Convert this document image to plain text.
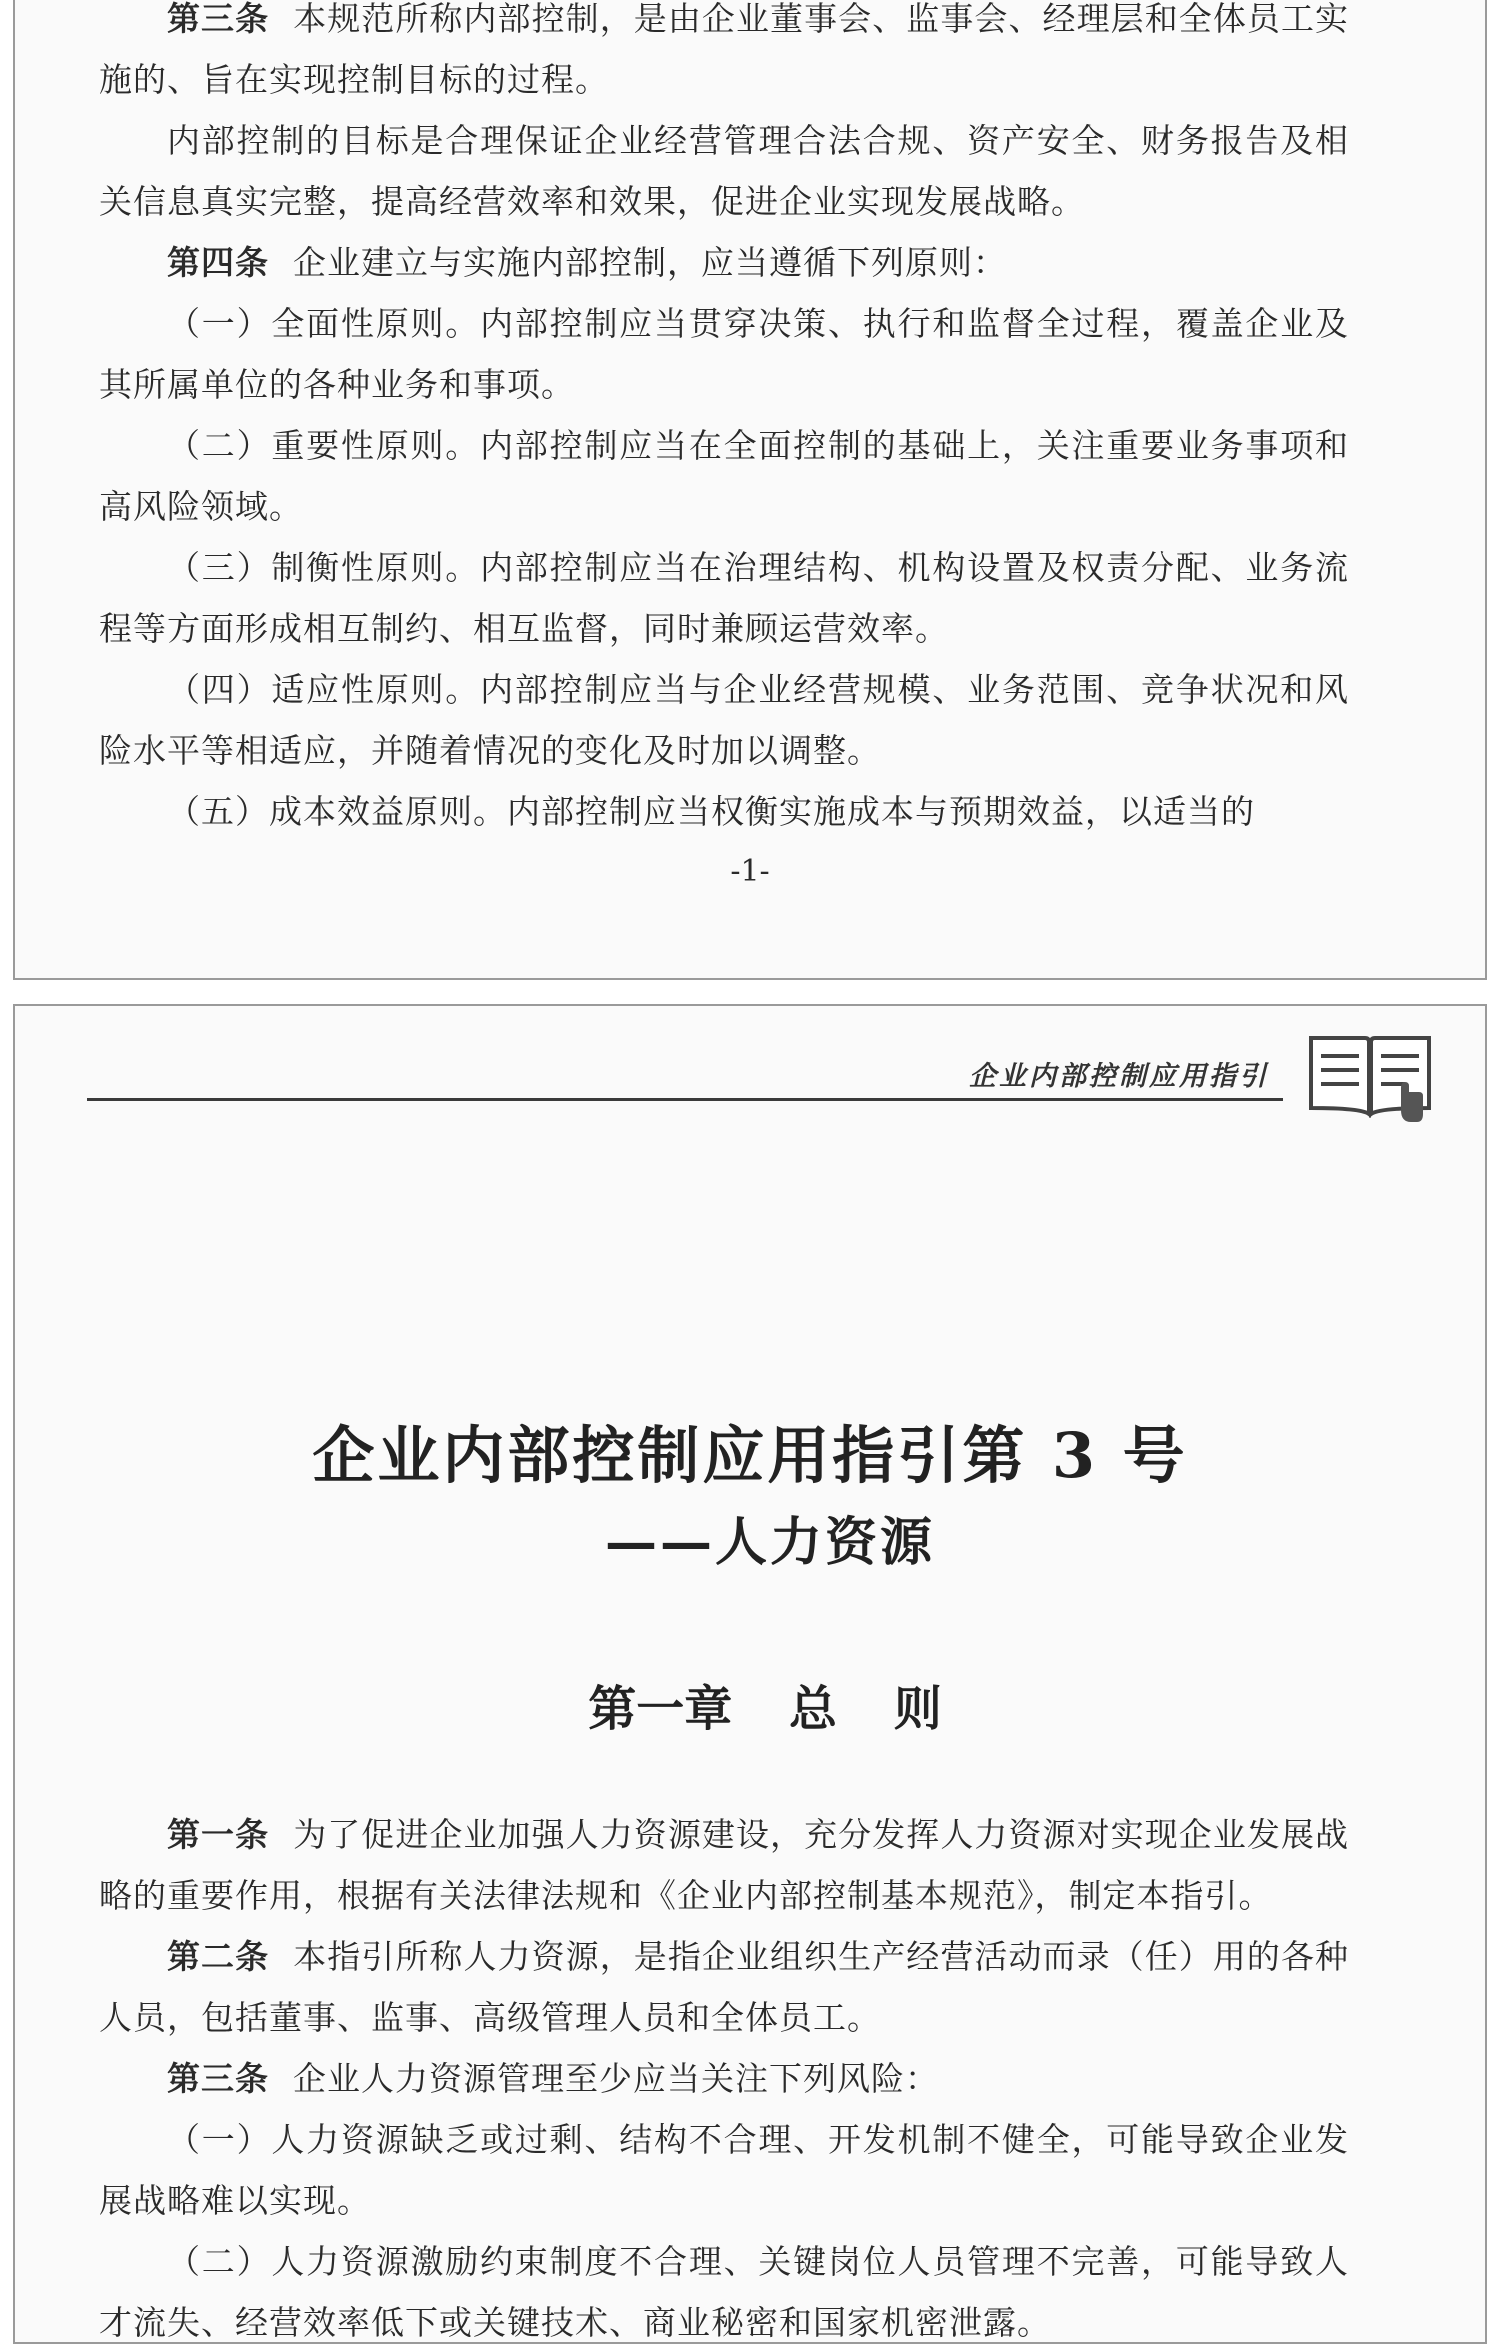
第三条 本规范所称内部控制，是由企业董事会、监事会、经理层和全体员工实施的、旨在实现控制目标的过程。

内部控制的目标是合理保证企业经营管理合法合规、资产安全、财务报告及相关信息真实完整，提高经营效率和效果，促进企业实现发展战略。

第四条 企业建立与实施内部控制，应当遵循下列原则：

（一）全面性原则。内部控制应当贯穿决策、执行和监督全过程，覆盖企业及其所属单位的各种业务和事项。

（二）重要性原则。内部控制应当在全面控制的基础上，关注重要业务事项和高风险领域。

（三）制衡性原则。内部控制应当在治理结构、机构设置及权责分配、业务流程等方面形成相互制约、相互监督，同时兼顾运营效率。

（四）适应性原则。内部控制应当与企业经营规模、业务范围、竞争状况和风险水平等相适应，并随着情况的变化及时加以调整。

（五）成本效益原则。内部控制应当权衡实施成本与预期效益，以适当的

-1-
企业内部控制应用指引
企业内部控制应用指引第 3 号
——人力资源
第一章 总 则

第一条 为了促进企业加强人力资源建设，充分发挥人力资源对实现企业发展战略的重要作用，根据有关法律法规和《企业内部控制基本规范》，制定本指引。

第二条 本指引所称人力资源，是指企业组织生产经营活动而录（任）用的各种人员，包括董事、监事、高级管理人员和全体员工。

第三条 企业人力资源管理至少应当关注下列风险：

（一）人力资源缺乏或过剩、结构不合理、开发机制不健全，可能导致企业发展战略难以实现。

（二）人力资源激励约束制度不合理、关键岗位人员管理不完善，可能导致人才流失、经营效率低下或关键技术、商业秘密和国家机密泄露。
